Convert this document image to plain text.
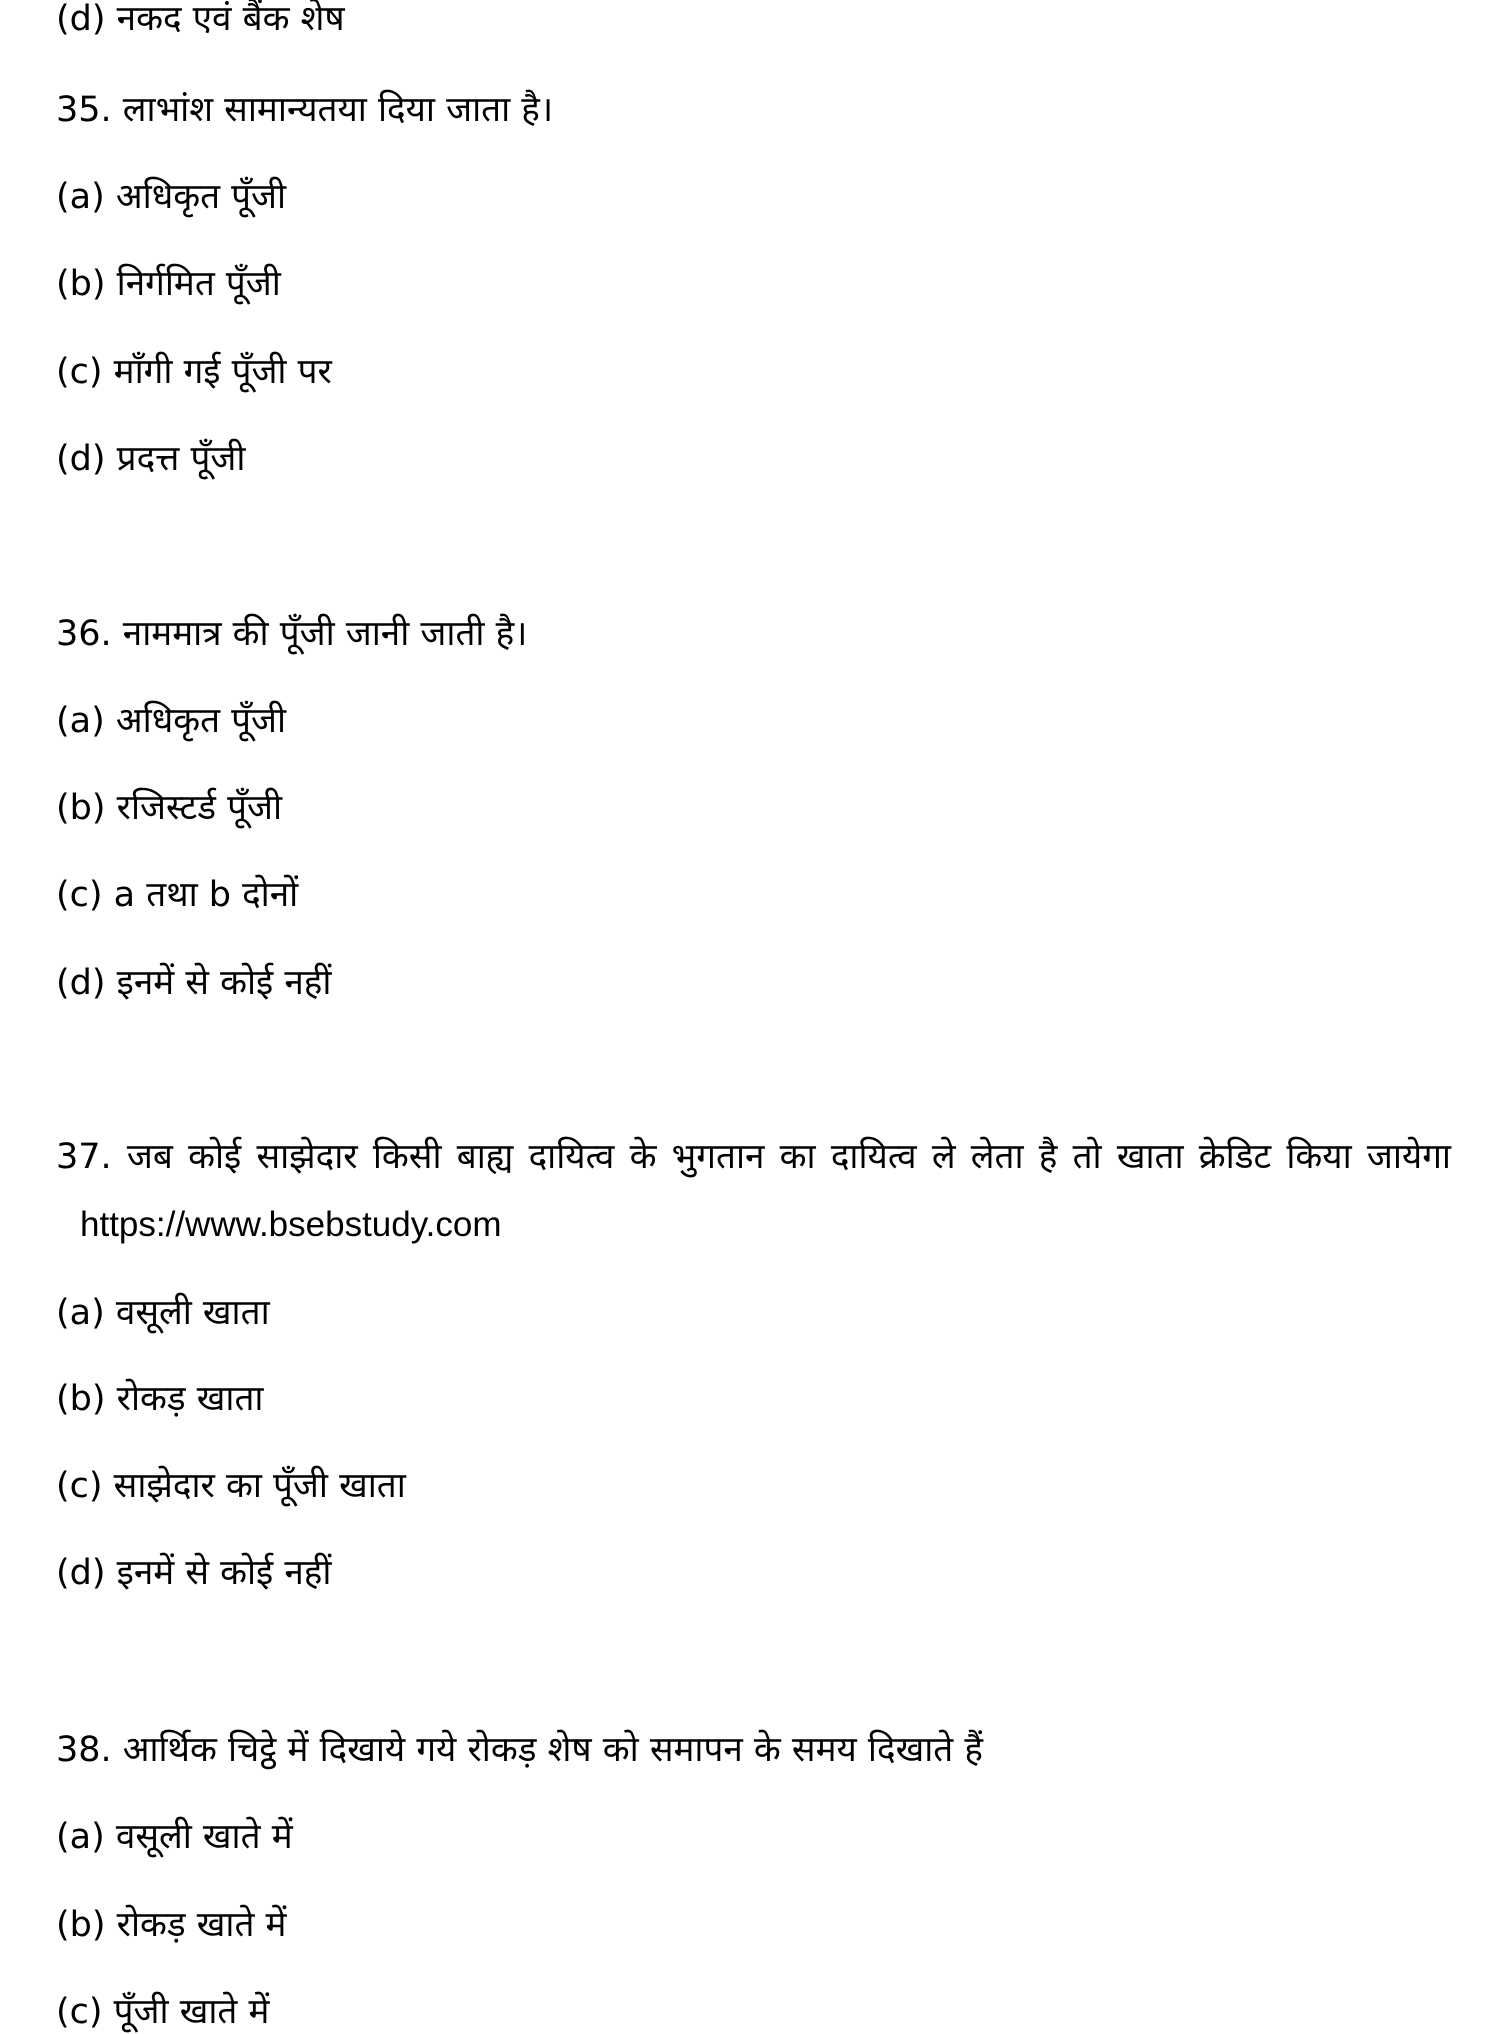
(d) नकद एवं बैंक शेष
35. लाभांश सामान्यतया दिया जाता है।
(a) अधिकृत पूँजी
(b) निर्गमित पूँजी
(c) माँगी गई पूँजी पर
(d) प्रदत्त पूँजी
36. नाममात्र की पूँजी जानी जाती है।
(a) अधिकृत पूँजी
(b) रजिस्टर्ड पूँजी
(c) a तथा b दोनों
(d) इनमें से कोई नहीं
37. जब कोई साझेदार किसी बाह्य दायित्व के भुगतान का दायित्व ले लेता है तो खाता क्रेडिट किया जायेगा https://www.bsebstudy.com
(a) वसूली खाता
(b) रोकड़ खाता
(c) साझेदार का पूँजी खाता
(d) इनमें से कोई नहीं
38. आर्थिक चिट्ठे में दिखाये गये रोकड़ शेष को समापन के समय दिखाते हैं
(a) वसूली खाते में
(b) रोकड़ खाते में
(c) पूँजी खाते में
